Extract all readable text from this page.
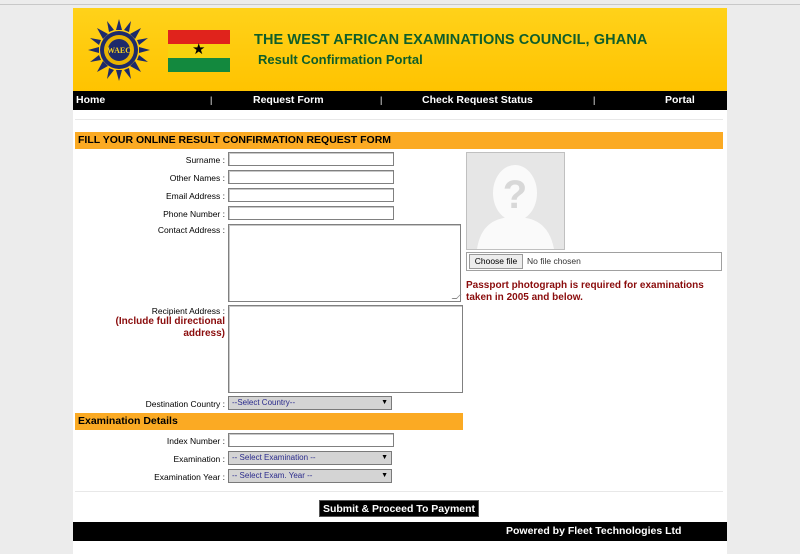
WAEC	★
THE WEST AFRICAN EXAMINATIONS COUNCIL, GHANA
Result Confirmation Portal
Home	|	Request Form	|	Check Request Status	|	Portal
FILL YOUR ONLINE RESULT CONFIRMATION REQUEST FORM
Surname :
Other Names :
Email Address :
Phone Number :
Contact Address :
Recipient Address :
(Include full directional address)
Destination Country : --Select Country--	▼
?
Choose file	No file chosen
Passport photograph is required for examinations taken in 2005 and below.
Examination Details
Index Number :
Examination : -- Select Examination --	▼
Examination Year : -- Select Exam. Year --	▼
Submit & Proceed To Payment
Powered by Fleet Technologies Ltd
